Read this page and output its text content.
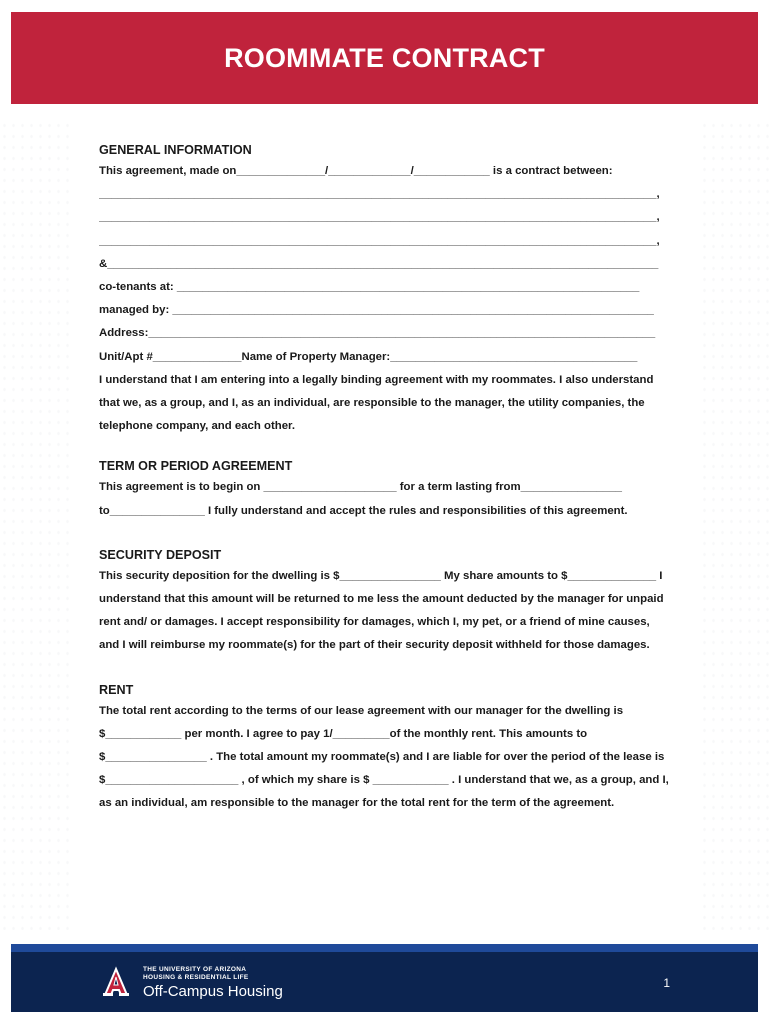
ROOMMATE CONTRACT

GENERAL INFORMATION

This agreement, made on______________/_____________/____________ is a contract between:
________________________________________________________________________________________,
________________________________________________________________________________________,
________________________________________________________________________________________,
&_______________________________________________________________________________________
co-tenants at: _________________________________________________________________________
managed by: ____________________________________________________________________________
Address:________________________________________________________________________________
Unit/Apt #______________Name of Property Manager:_______________________________________

I understand that I am entering into a legally binding agreement with my roommates. I also understand that we, as a group, and I, as an individual, are responsible to the manager, the utility companies, the telephone company, and each other.

TERM OR PERIOD AGREEMENT

This agreement is to begin on _____________________ for a term lasting from________________ to_______________ I fully understand and accept the rules and responsibilities of this agreement.

SECURITY DEPOSIT

This security deposition for the dwelling is $________________ My share amounts to $______________ I understand that this amount will be returned to me less the amount deducted by the manager for unpaid rent and/ or damages. I accept responsibility for damages, which I, my pet, or a friend of mine causes, and I will reimburse my roommate(s) for the part of their security deposit withheld for those damages.

RENT

The total rent according to the terms of our lease agreement with our manager for the dwelling is $____________ per month. I agree to pay 1/_________of the monthly rent. This amounts to $________________ . The total amount my roommate(s) and I are liable for over the period of the lease is $_____________________ , of which my share is $ ____________ . I understand that we, as a group, and I, as an individual, am responsible to the manager for the total rent for the term of the agreement.

THE UNIVERSITY OF ARIZONA
HOUSING & RESIDENTIAL LIFE
Off-Campus Housing	1
